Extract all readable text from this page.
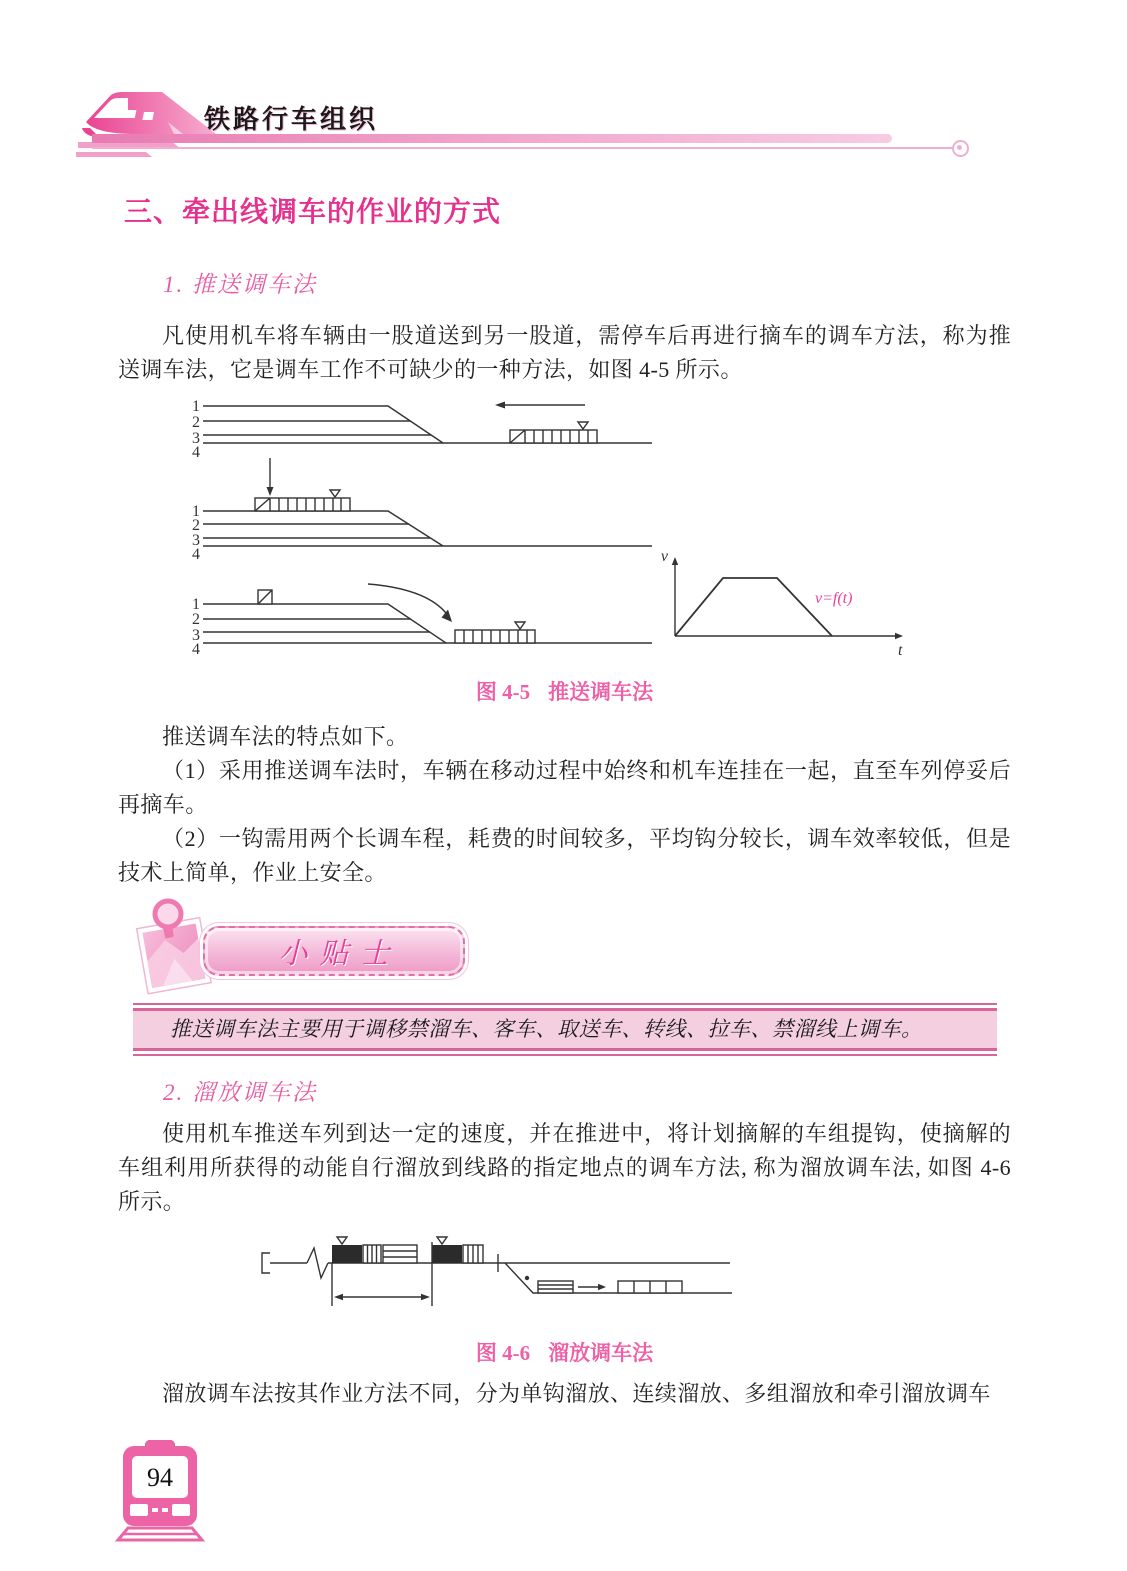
铁路行车组织
三、牵出线调车的作业的方式
1. 推送调车法
凡使用机车将车辆由一股道送到另一股道，需停车后再进行摘车的调车方法，称为推送调车法，它是调车工作不可缺少的一种方法，如图 4-5 所示。
1
2
3
4
1
2
3
4
1
2
3
4
v
t
v=f(t)
图 4-5 推送调车法
推送调车法的特点如下。
（1）采用推送调车法时，车辆在移动过程中始终和机车连挂在一起，直至车列停妥后再摘车。
（2）一钩需用两个长调车程，耗费的时间较多，平均钩分较长，调车效率较低，但是技术上简单，作业上安全。
小贴士
推送调车法主要用于调移禁溜车、客车、取送车、转线、拉车、禁溜线上调车。
2. 溜放调车法
使用机车推送车列到达一定的速度，并在推进中，将计划摘解的车组提钩，使摘解的车组利用所获得的动能自行溜放到线路的指定地点的调车方法, 称为溜放调车法, 如图 4-6 所示。
图 4-6 溜放调车法
溜放调车法按其作业方法不同，分为单钩溜放、连续溜放、多组溜放和牵引溜放调车
94
